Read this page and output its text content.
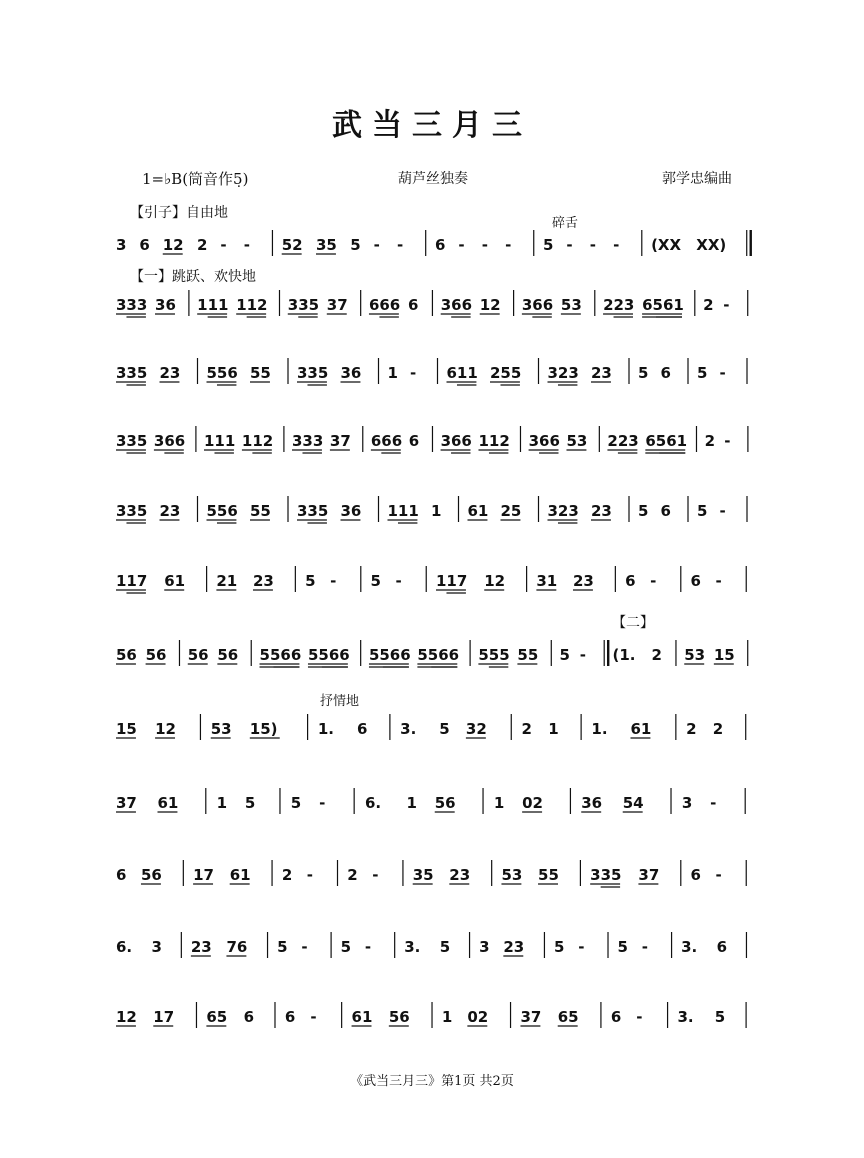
武当三月三
1=♭B(筒音作5̣)	葫芦丝独奏	郭学忠编曲
【引子】自由地
【一】跳跃、欢快地
【二】
碎舌
抒情地
3 6 12 2 - - 52 35 5 - - 6 - - - 5 - - - (XX XX)
333 36 111 112 335 37 666 6 366 12 366 53 223 6561 2 -
335 23 556 55 335 36 1 - 611 255 323 23 5 6 5 -
335 366 111 112 333 37 666 6 366 112 366 53 223 6561 2 -
335 23 556 55 335 36 111 1 61 25 323 23 5 6 5 -
117 61 21 23 5 - 5 - 117 12 31 23 6 - 6 -
56 56 56 56 5566 5566 5566 5566 555 55 5 - (1. 2 53 15
15 12 53 15)	1. 6 3. 5 32 2 1 1. 61 2 2
37 61	1 5 5 -	6. 1 56	1 02	36 54	3 -
6 56 17 61 2 - 2 - 35 23 53 55 335 37 6 -
6. 3 23 76 5 - 5 - 3. 5 3 23 5 - 5 - 3. 6
12 17 65 6 6 - 61 56 1 02 37 65 6 - 3. 5
《武当三月三》第1页 共2页
